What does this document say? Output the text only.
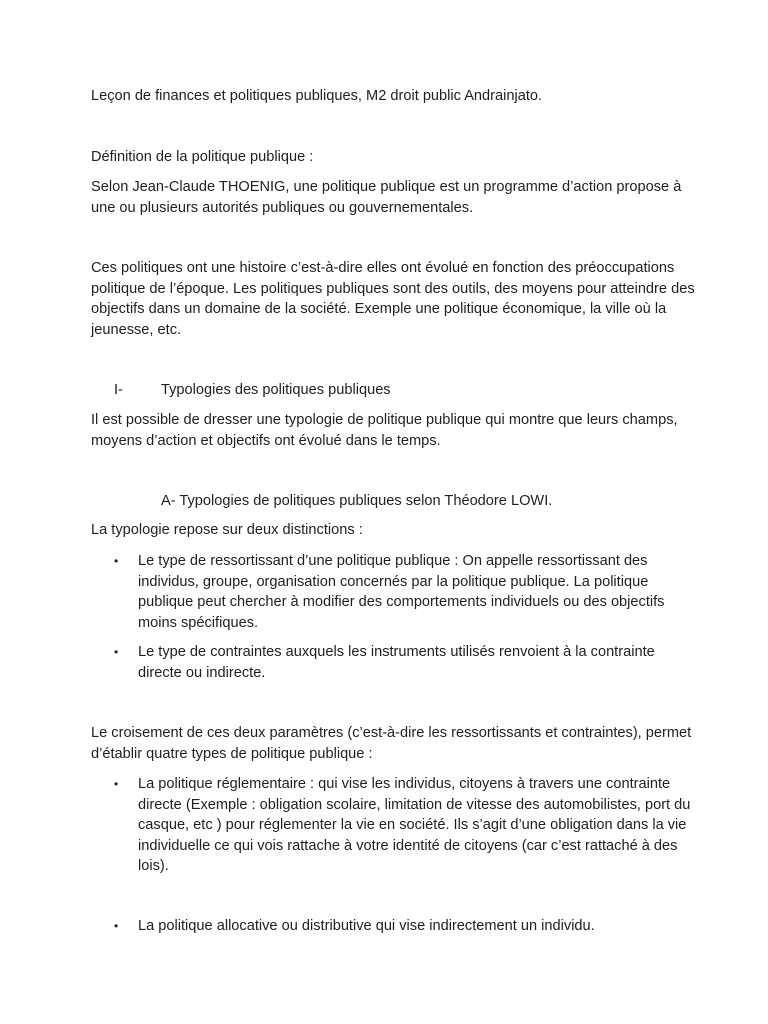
Leçon de finances et politiques publiques, M2 droit public Andrainjato.

Définition de la politique publique :

Selon Jean-Claude THOENIG, une politique publique est un programme d’action propose à une ou plusieurs autorités publiques ou gouvernementales.

Ces politiques ont une histoire c’est-à-dire elles ont évolué en fonction des préoccupations politique de l’époque. Les politiques publiques sont des outils, des moyens pour atteindre des objectifs dans un domaine de la société. Exemple une politique économique, la ville où la jeunesse, etc.

I-	Typologies des politiques publiques

Il est possible de dresser une typologie de politique publique qui montre que leurs champs, moyens d’action et objectifs ont évolué dans le temps.

A- Typologies de politiques publiques selon Théodore LOWI.

La typologie repose sur deux distinctions :

• Le type de ressortissant d’une politique publique : On appelle ressortissant des individus, groupe, organisation concernés par la politique publique. La politique publique peut chercher à modifier des comportements individuels ou des objectifs moins spécifiques.

• Le type de contraintes auxquels les instruments utilisés renvoient à la contrainte directe ou indirecte.

Le croisement de ces deux paramètres (c’est-à-dire les ressortissants et contraintes), permet d’établir quatre types de politique publique :

• La politique réglementaire : qui vise les individus, citoyens à travers une contrainte directe (Exemple : obligation scolaire, limitation de vitesse des automobilistes, port du casque, etc ) pour réglementer la vie en société. Ils s’agit d’une obligation dans la vie individuelle ce qui vois rattache à votre identité de citoyens (car c’est rattaché à des lois).

• La politique allocative ou distributive qui vise indirectement un individu.
